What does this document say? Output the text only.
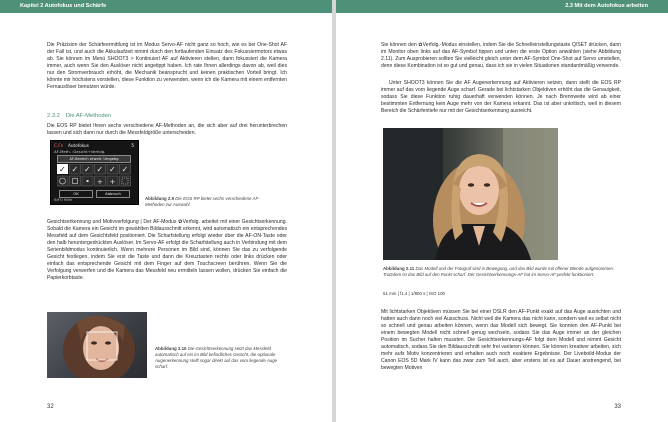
Kapitel 2 Autofokus und Schärfe
Die Präzision der Schärfeermittlung ist im Modus Servo-AF nicht ganz so hoch, wie es bei One-Shot AF der Fall ist, und auch die Akkulaufzeit nimmt durch den fortlaufenden Einsatz des Fokussiermotors etwas ab. Sie können im Menü SHOOT3 > Kontinuierl AF auf Aktivieren stellen, dann fokussiert die Kamera immer, auch wenn Sie den Auslöser nicht angetippt haben. Ich rate Ihnen allerdings davon ab, weil dies nur den Stromverbrauch erhöht, die Mechanik beansprucht und keinen praktischen Vorteil bringt. Ich könnte mir höchstens vorstellen, diese Funktion zu verwenden, wenn ich die Kamera mit einem entfernten Fernauslöser benutzen würde.
2.3.2 Die AF-Methoden
Die EOS RP bietet Ihnen sechs verschiedene AF-Methoden an, die sich aber auf drei herunterbrechen lassen und sich dann nur durch die Messfeldgröße unterscheiden.
C.Fn Autofokus	5
AF-Meth. :Gesicht+Verfolg.
AF-Bereich erweit. Umgebg
✓ ✓ ✓ ✓ ✓ ✓
+ +
OK	Abbruch
INFO Hilfe	Abbildung 2.9 Die EOS RP bietet sechs verschiedene AF-Methoden zur Auswahl.
Gesichtserkennung und Motivverfolgung | Der AF-Modus ✿Verfolg. arbeitet mit einer Gesichtserkennung. Sobald die Kamera ein Gesicht im gewählten Bildausschnitt erkennt, wird automatisch ein entsprechendes Messfeld auf dem Gesichtsfeld positioniert. Die Scharfstellung erfolgt wieder über die AF-ON-Taste oder den halb heruntergedrückten Auslöser. Im Servo-AF erfolgt die Scharfstellung auch in Verbindung mit dem Serienbildmodus kontinuierlich. Wenn mehrere Personen im Bild sind, können Sie das zu verfolgende Gesicht festlegen, indem Sie erst die Taste und dann die Kreuztasten rechts oder links drücken oder einfach das entsprechende Gesicht mit dem Finger auf dem Touchscreen berühren. Wenn Sie die Verfolgung verwerfen und die Kamera das Messfeld neu ermitteln lassen wollen, drücken Sie einfach die Papierkorbtaste.
Abbildung 2.10 Die Gesichtserkennung setzt das Messfeld automatisch auf ein im Bild befindliches Gesicht, die optionale Augenerkennung stellt sogar direkt auf das vom liegende Auge scharf.
32
2.3 Mit dem Autofokus arbeiten
Sie können den ✿Verfolg.-Modus einstellen, indem Sie die Schnelleinstellungstaste Q/SET drücken, dann im Monitor oben links auf das AF-Symbol tippen und unten die erste Option anwählen (siehe Abbildung 2.11). Zum Ausprobieren sollten Sie vielleicht gleich unter dem AF-Symbol One-Shot auf Servo umstellen, denn diese Kombination ist so gut und genau, dass ich sie in vielen Situationen standardmäßig verwende.
Unter SHOOT3 können Sie die AF Augenerkennung auf Aktivieren setzen, dann stellt die EOS RP immer auf das vorn liegende Auge scharf. Gerade bei lichtstarken Objektiven erhöht das die Genauigkeit, sodass Sie diese Funktion ruhig dauerhaft verwenden können. Je nach Brennweite wird ab einer bestimmten Entfernung kein Auge mehr von der Kamera erkannt. Das ist aber unkritisch, weil in diesem Bereich die Schärfentiefe nur mit der Gesichtserkennung ausreicht.
Abbildung 2.11 Das Modell und der Fotograf sind in Bewegung, und das Bild wurde mit offener Blende aufgenommen. Trotzdem ist das Bild auf den Punkt scharf. Der Gesichtserkennungs-AF hat im Servo-AF perfekt funktioniert.
51 mm | f1,4 | 1/800 s | ISO 100
Mit lichtstarken Objektiven müssen Sie bei einer DSLR den AF-Punkt exakt auf das Auge ausrichten und hatten auch dann noch viel Ausschuss. Nicht weil die Kamera das nicht kann, sondern weil es selbst nicht so schnell und genau arbeiten können, wenn das Modell sich bewegt. Sie konnten den AF-Punkt bei einem bewegten Modell nicht schnell genug wechseln, sodass Sie das Auge immer an der gleichen Position im Sucher halten mussten. Die Gesichtserkennungs-AF folgt dem Modell und nimmt Gesicht automatisch, sodass Sie den Bildausschnitt sehr frei variieren können. Sie können kreativer arbeiten, sich mehr aufs Motiv konzentrieren und erhalten auch noch exaktere Ergebnisse. Der Liveboild-Modus der Canon EOS 5D Mark IV kann das zwar zum Teil auch, aber erstens ist es auf Dauer anstrengend, bei bewegten Motiven
33
